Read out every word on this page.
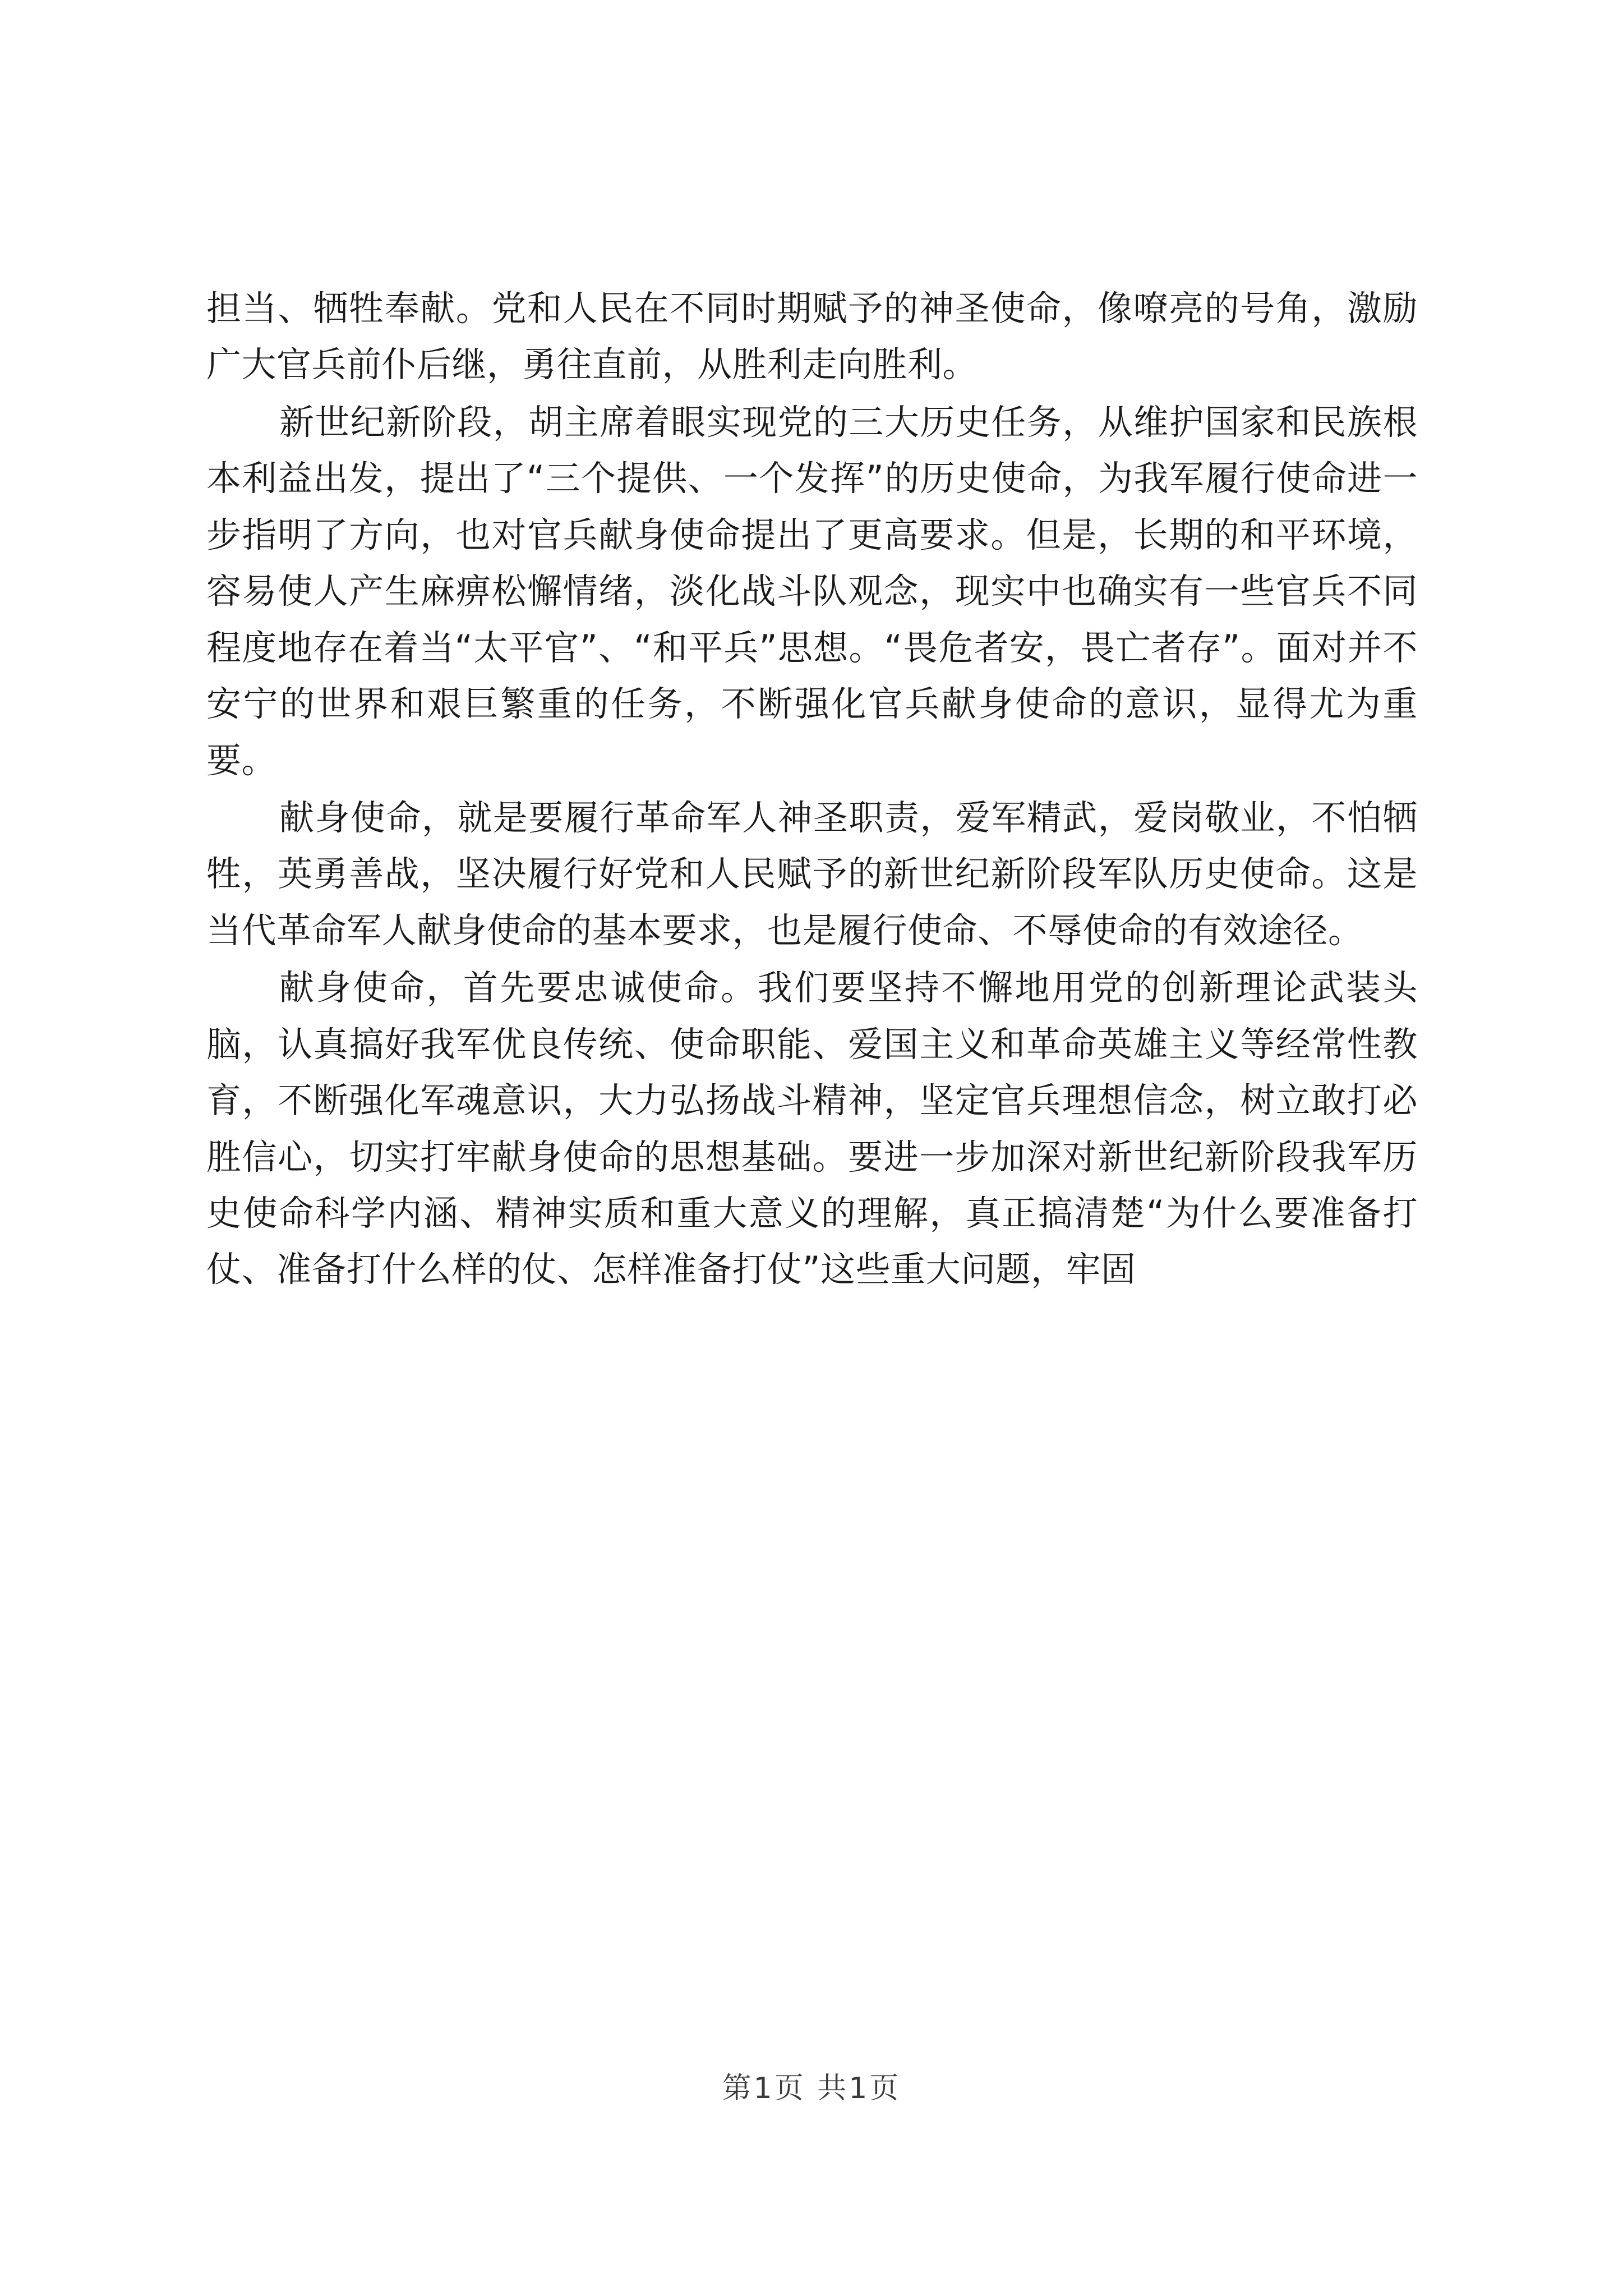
担当、牺牲奉献。党和人民在不同时期赋予的神圣使命，像嘹亮的号角，激励广大官兵前仆后继，勇往直前，从胜利走向胜利。

新世纪新阶段，胡主席着眼实现党的三大历史任务，从维护国家和民族根本利益出发，提出了“三个提供、一个发挥”的历史使命，为我军履行使命进一步指明了方向，也对官兵献身使命提出了更高要求。但是，长期的和平环境，容易使人产生麻痹松懈情绪，淡化战斗队观念，现实中也确实有一些官兵不同程度地存在着当“太平官”、“和平兵”思想。“畏危者安，畏亡者存”。面对并不安宁的世界和艰巨繁重的任务，不断强化官兵献身使命的意识，显得尤为重要。

献身使命，就是要履行革命军人神圣职责，爱军精武，爱岗敬业，不怕牺牲，英勇善战，坚决履行好党和人民赋予的新世纪新阶段军队历史使命。这是当代革命军人献身使命的基本要求，也是履行使命、不辱使命的有效途径。

献身使命，首先要忠诚使命。我们要坚持不懈地用党的创新理论武装头脑，认真搞好我军优良传统、使命职能、爱国主义和革命英雄主义等经常性教育，不断强化军魂意识，大力弘扬战斗精神，坚定官兵理想信念，树立敢打必胜信心，切实打牢献身使命的思想基础。要进一步加深对新世纪新阶段我军历史使命科学内涵、精神实质和重大意义的理解，真正搞清楚“为什么要准备打仗、准备打什么样的仗、怎样准备打仗”这些重大问题，牢固

第1页 共1页
